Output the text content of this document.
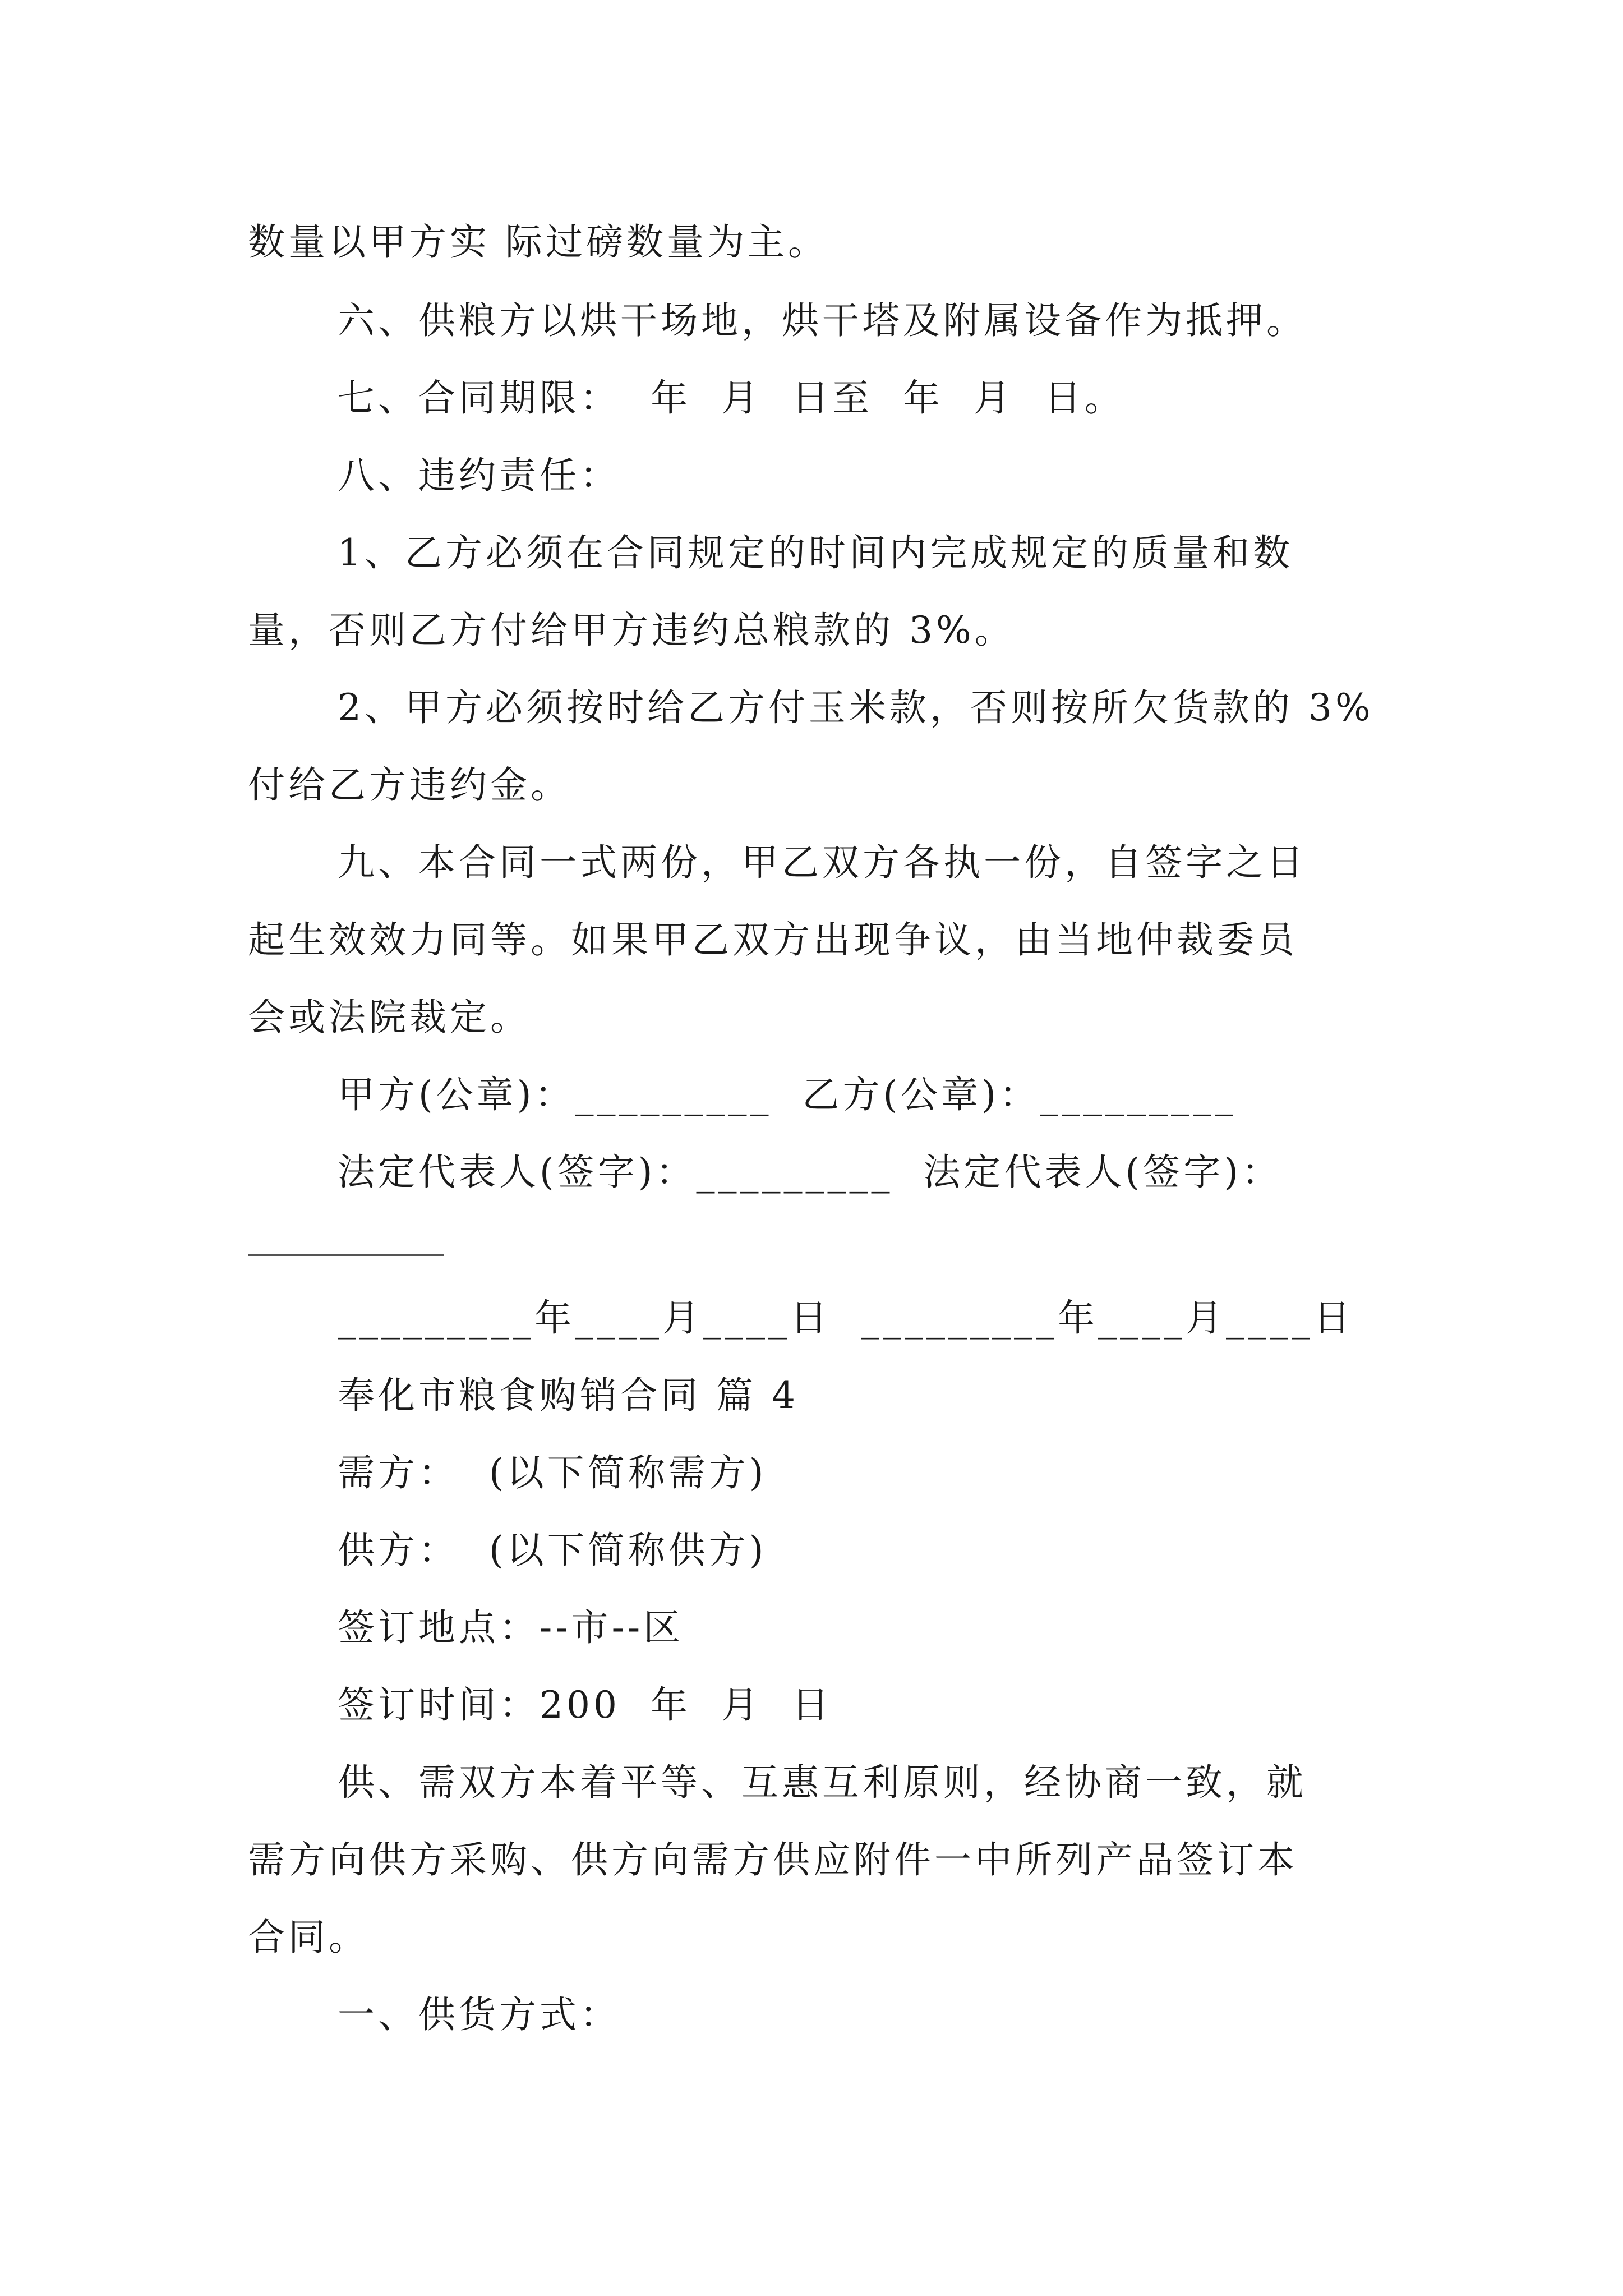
数量以甲方实 际过磅数量为主。
六、供粮方以烘干场地，烘干塔及附属设备作为抵押。
七、合同期限：  年  月  日至  年  月  日。
八、违约责任：
1、乙方必须在合同规定的时间内完成规定的质量和数
量，否则乙方付给甲方违约总粮款的 3%。
2、甲方必须按时给乙方付玉米款，否则按所欠货款的 3%
付给乙方违约金。
九、本合同一式两份，甲乙双方各执一份，自签字之日
起生效效力同等。如果甲乙双方出现争议，由当地仲裁委员
会或法院裁定。
甲方(公章)：_________  乙方(公章)：_________
法定代表人(签字)：_________  法定代表人(签字)：
_________年____月____日  _________年____月____日
奉化市粮食购销合同 篇 4
需方：  (以下简称需方)
供方：  (以下简称供方)
签订地点：--市--区
签订时间：200  年  月  日
供、需双方本着平等、互惠互利原则，经协商一致，就
需方向供方采购、供方向需方供应附件一中所列产品签订本
合同。
一、供货方式：
